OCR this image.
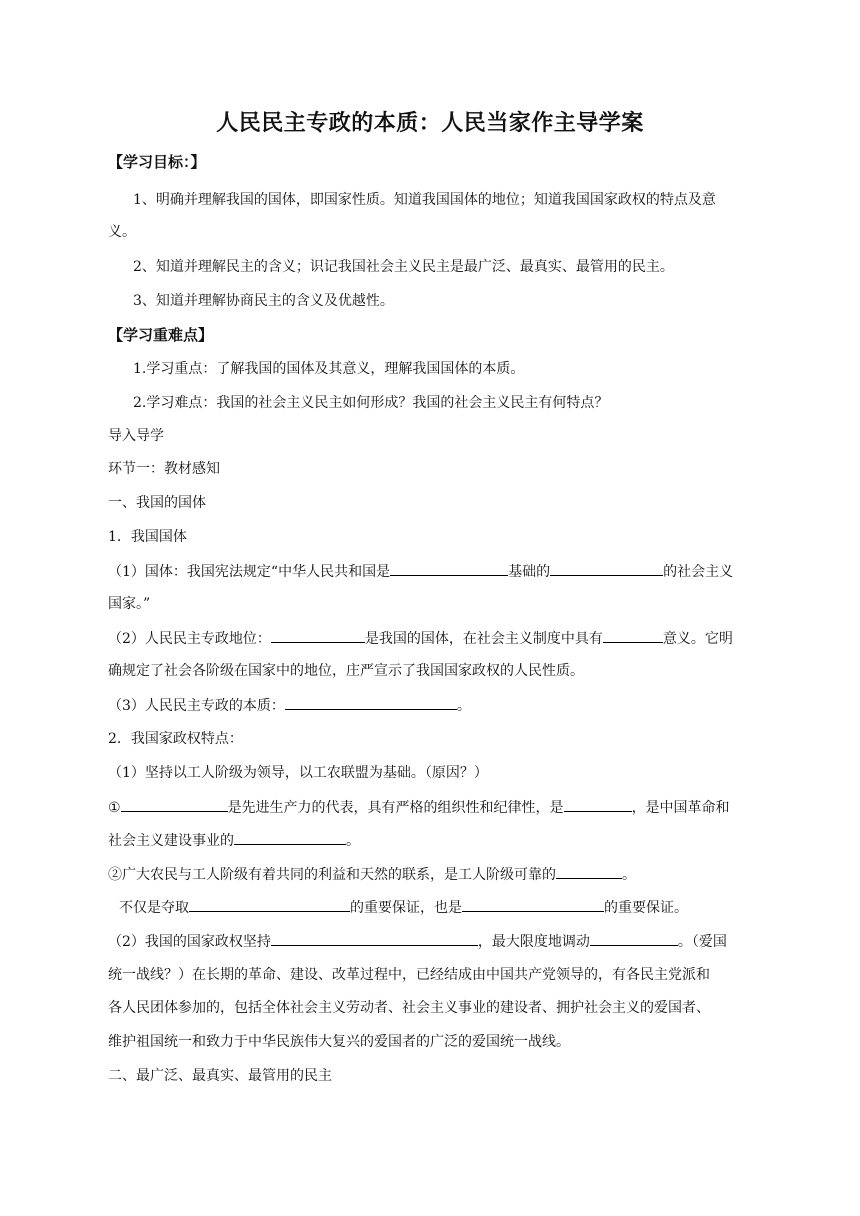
人民民主专政的本质：人民当家作主导学案
【学习目标：】
1、明确并理解我国的国体，即国家性质。知道我国国体的地位；知道我国国家政权的特点及意
义。
2、知道并理解民主的含义；识记我国社会主义民主是最广泛、最真实、最管用的民主。
3、知道并理解协商民主的含义及优越性。
【学习重难点】
1.学习重点：了解我国的国体及其意义，理解我国国体的本质。
2.学习难点：我国的社会主义民主如何形成？我国的社会主义民主有何特点？
导入导学
环节一：教材感知
一、我国的国体
1．我国国体
（1）国体：我国宪法规定“中华人民共和国是	基础的	的社会主义
国家。”
（2）人民民主专政地位：	是我国的国体，在社会主义制度中具有	意义。它明
确规定了社会各阶级在国家中的地位，庄严宣示了我国国家政权的人民性质。
（3）人民民主专政的本质：	。
2．我国家政权特点：
（1）坚持以工人阶级为领导，以工农联盟为基础。（原因？）
①	是先进生产力的代表，具有严格的组织性和纪律性，是	，是中国革命和
社会主义建设事业的	。
②广大农民与工人阶级有着共同的利益和天然的联系，是工人阶级可靠的	。
不仅是夺取	的重要保证，也是	的重要保证。
（2）我国的国家政权坚持	，最大限度地调动	。（爱国
统一战线？）在长期的革命、建设、改革过程中，已经结成由中国共产党领导的，有各民主党派和
各人民团体参加的，包括全体社会主义劳动者、社会主义事业的建设者、拥护社会主义的爱国者、
维护祖国统一和致力于中华民族伟大复兴的爱国者的广泛的爱国统一战线。
二、最广泛、最真实、最管用的民主
